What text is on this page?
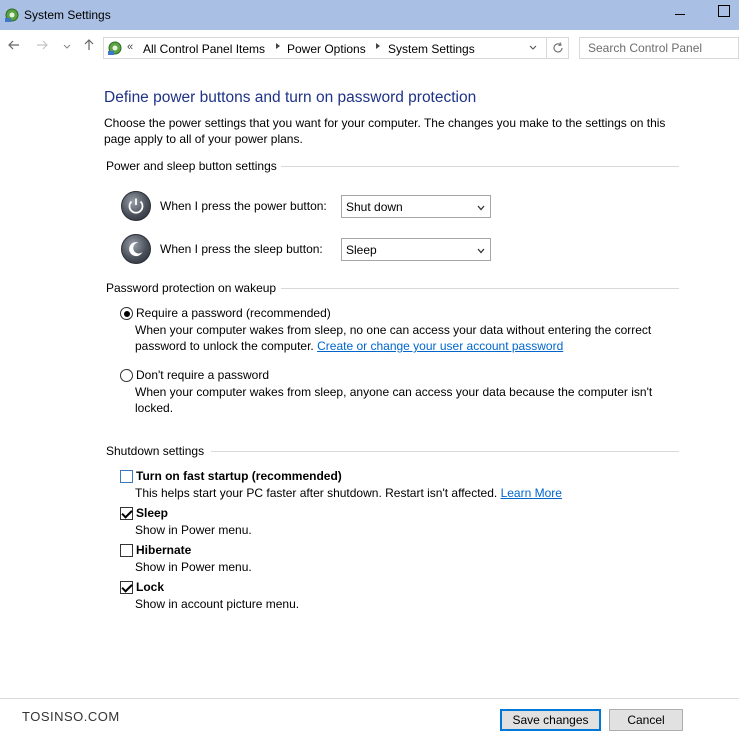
System Settings
« All Control Panel Items Power Options System Settings
Search Control Panel
Define power buttons and turn on password protection
Choose the power settings that you want for your computer. The changes you make to the settings on this page apply to all of your power plans.
Power and sleep button settings
When I press the power button: Shut down
When I press the sleep button: Sleep
Password protection on wakeup
Require a password (recommended)
When your computer wakes from sleep, no one can access your data without entering the correct password to unlock the computer. Create or change your user account password
Don't require a password
When your computer wakes from sleep, anyone can access your data because the computer isn't locked.
Shutdown settings
Turn on fast startup (recommended)
This helps start your PC faster after shutdown. Restart isn't affected. Learn More
Sleep
Show in Power menu.
Hibernate
Show in Power menu.
Lock
Show in account picture menu.
TOSINSO.COM	Save changes	Cancel
